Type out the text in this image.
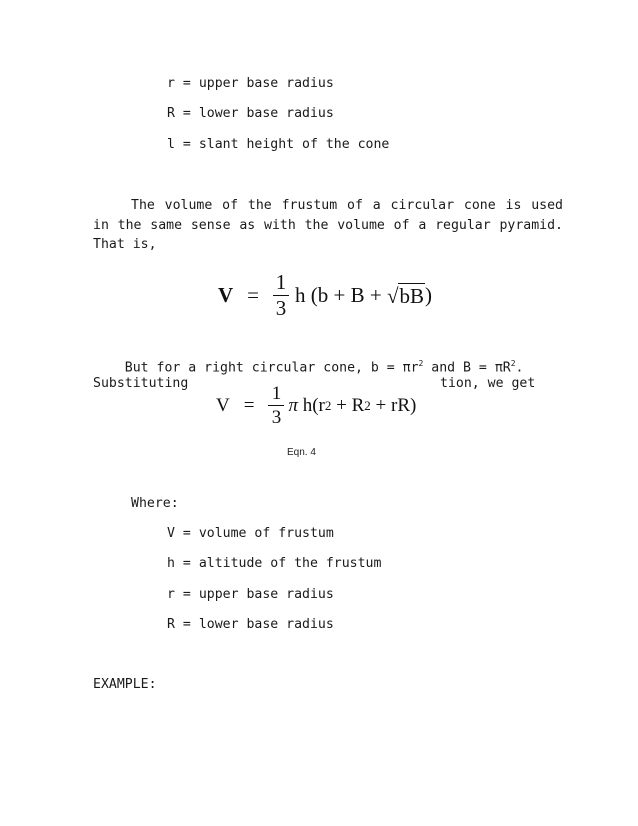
r = upper base radius
R = lower base radius
l = slant height of the cone
The volume of the frustum of a circular cone is used in the same sense as with the volume of a regular pyramid. That is,
$V = \frac{1}{3}$ h (b + B + √ bB )
But for a right circular cone, $b = \pi r^2$ and $B = \pi R^2$.
Substituting	tion, we get
$V = \frac{1}{3}$ π h(r 2 + R 2 + rR)
Eqn. 4
Where:
V = volume of frustum
h = altitude of the frustum
r = upper base radius
R = lower base radius
EXAMPLE:
